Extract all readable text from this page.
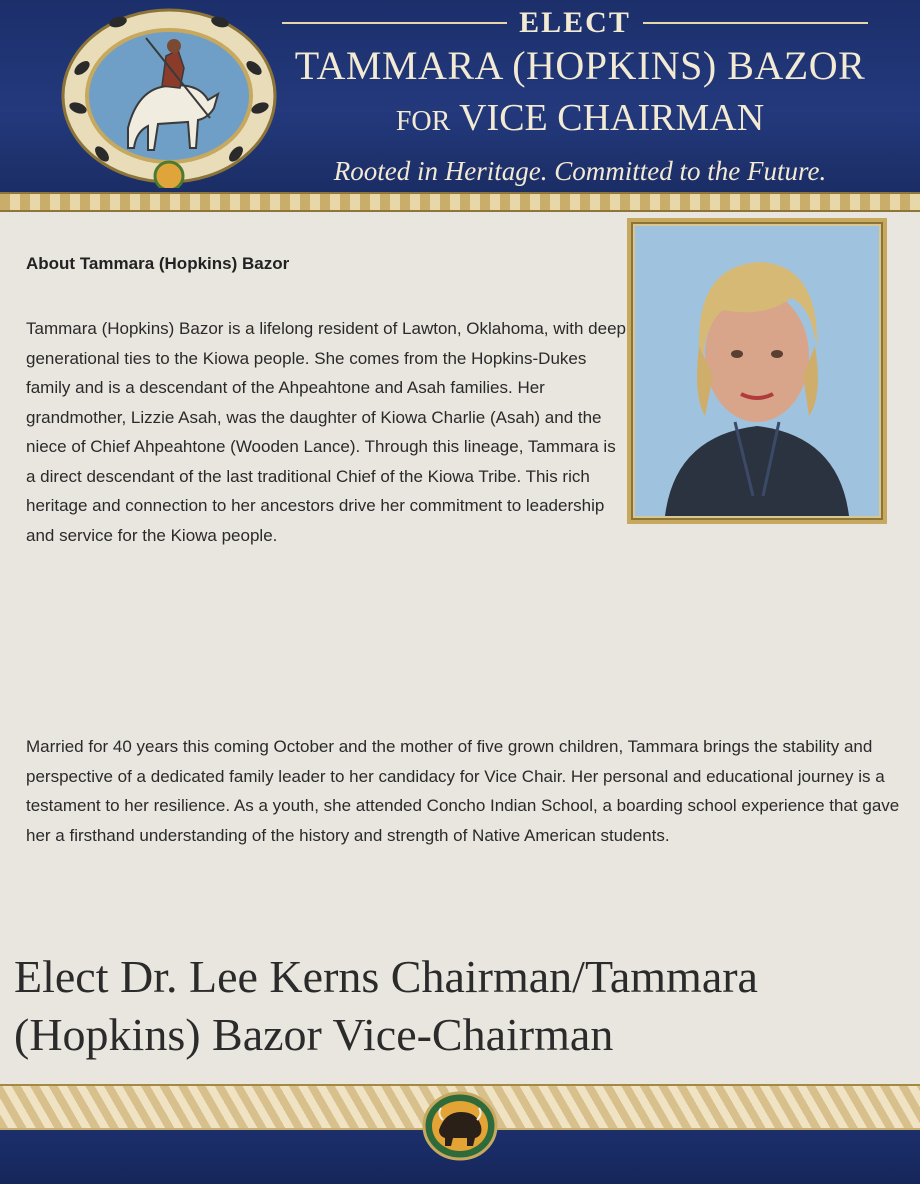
ELECT
TAMMARA (HOPKINS) BAZOR
FOR VICE CHAIRMAN
Rooted in Heritage. Committed to the Future.
About Tammara (Hopkins) Bazor
Tammara (Hopkins) Bazor is a lifelong resident of Lawton, Oklahoma, with deep generational ties to the Kiowa people. She comes from the Hopkins-Dukes family and is a descendant of the Ahpeahtone and Asah families. Her grandmother, Lizzie Asah, was the daughter of Kiowa Charlie (Asah) and the niece of Chief Ahpeahtone (Wooden Lance). Through this lineage, Tammara is a direct descendant of the last traditional Chief of the Kiowa Tribe. This rich heritage and connection to her ancestors drive her commitment to leadership and service for the Kiowa people.
Married for 40 years this coming October and the mother of five grown children, Tammara brings the stability and perspective of a dedicated family leader to her candidacy for Vice Chair. Her personal and educational journey is a testament to her resilience. As a youth, she attended Concho Indian School, a boarding school experience that gave her a firsthand understanding of the history and strength of Native American students.
Elect Dr. Lee Kerns Chairman/Tammara (Hopkins) Bazor Vice-Chairman
